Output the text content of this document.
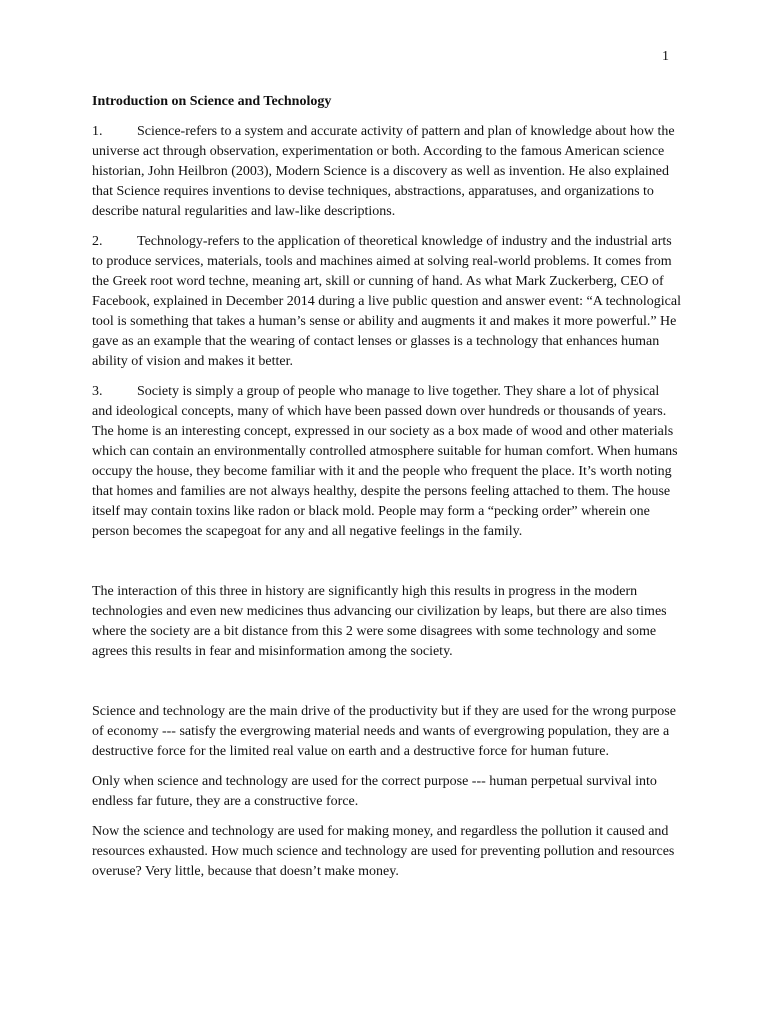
1
Introduction on Science and Technology
1. Science-refers to a system and accurate activity of pattern and plan of knowledge about how the universe act through observation, experimentation or both. According to the famous American science historian, John Heilbron (2003), Modern Science is a discovery as well as invention. He also explained that Science requires inventions to devise techniques, abstractions, apparatuses, and organizations to describe natural regularities and law-like descriptions.
2. Technology-refers to the application of theoretical knowledge of industry and the industrial arts to produce services, materials, tools and machines aimed at solving real-world problems. It comes from the Greek root word techne, meaning art, skill or cunning of hand. As what Mark Zuckerberg, CEO of Facebook, explained in December 2014 during a live public question and answer event: “A technological tool is something that takes a human’s sense or ability and augments it and makes it more powerful.” He gave as an example that the wearing of contact lenses or glasses is a technology that enhances human ability of vision and makes it better.
3. Society is simply a group of people who manage to live together. They share a lot of physical and ideological concepts, many of which have been passed down over hundreds or thousands of years. The home is an interesting concept, expressed in our society as a box made of wood and other materials which can contain an environmentally controlled atmosphere suitable for human comfort. When humans occupy the house, they become familiar with it and the people who frequent the place. It’s worth noting that homes and families are not always healthy, despite the persons feeling attached to them. The house itself may contain toxins like radon or black mold. People may form a “pecking order” wherein one person becomes the scapegoat for any and all negative feelings in the family.
The interaction of this three in history are significantly high this results in progress in the modern technologies and even new medicines thus advancing our civilization by leaps, but there are also times where the society are a bit distance from this 2 were some disagrees with some technology and some agrees this results in fear and misinformation among the society.
Science and technology are the main drive of the productivity but if they are used for the wrong purpose of economy --- satisfy the evergrowing material needs and wants of evergrowing population, they are a destructive force for the limited real value on earth and a destructive force for human future.
Only when science and technology are used for the correct purpose --- human perpetual survival into endless far future, they are a constructive force.
Now the science and technology are used for making money, and regardless the pollution it caused and resources exhausted. How much science and technology are used for preventing pollution and resources overuse? Very little, because that doesn’t make money.
